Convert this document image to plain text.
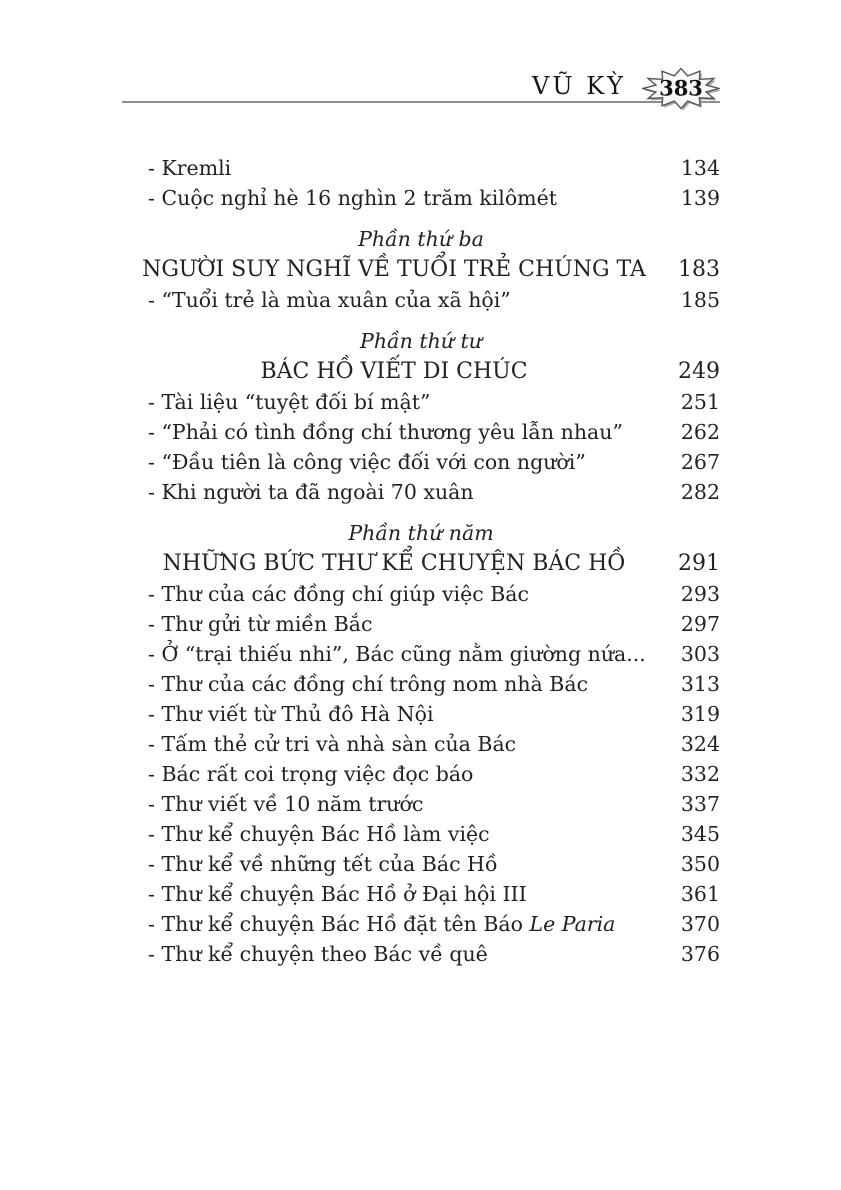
VŨ KỲ 383
- Kremli	134
- Cuộc nghỉ hè 16 nghìn 2 trăm kilômét	139
Phần thứ ba
NGƯỜI SUY NGHĨ VỀ TUỔI TRẺ CHÚNG TA	183
- “Tuổi trẻ là mùa xuân của xã hội”	185
Phần thứ tư
BÁC HỒ VIẾT DI CHÚC	249
- Tài liệu “tuyệt đối bí mật”	251
- “Phải có tình đồng chí thương yêu lẫn nhau”	262
- “Đầu tiên là công việc đối với con người”	267
- Khi người ta đã ngoài 70 xuân	282
Phần thứ năm
NHỮNG BỨC THƯ KỂ CHUYỆN BÁC HỒ	291
- Thư của các đồng chí giúp việc Bác	293
- Thư gửi từ miền Bắc	297
- Ở “trại thiếu nhi”, Bác cũng nằm giường nứa...	303
- Thư của các đồng chí trông nom nhà Bác	313
- Thư viết từ Thủ đô Hà Nội	319
- Tấm thẻ cử tri và nhà sàn của Bác	324
- Bác rất coi trọng việc đọc báo	332
- Thư viết về 10 năm trước	337
- Thư kể chuyện Bác Hồ làm việc	345
- Thư kể về những tết của Bác Hồ	350
- Thư kể chuyện Bác Hồ ở Đại hội III	361
- Thư kể chuyện Bác Hồ đặt tên Báo Le Paria	370
- Thư kể chuyện theo Bác về quê	376
